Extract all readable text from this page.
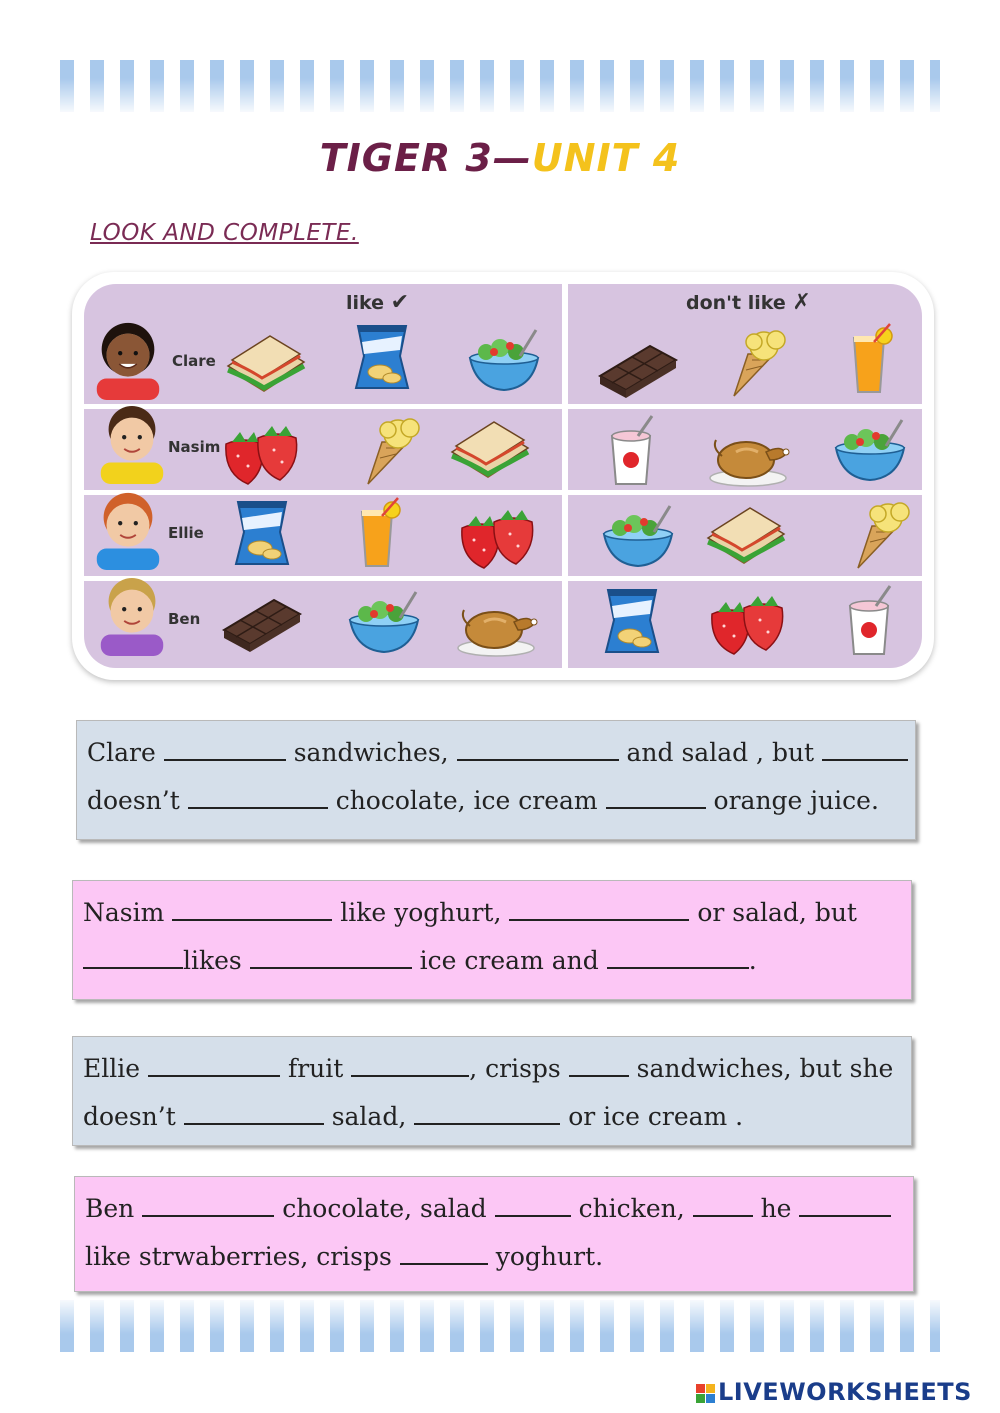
TIGER 3—UNIT 4
LOOK AND COMPLETE.
like ✔	don't like ✗
Clare
Nasim
Ellie
Ben
Clare	sandwiches,	and salad , but
doesn’t	chocolate, ice cream	orange juice.
Nasim	like yoghurt,	or salad, but
likes	ice cream and	.
Ellie	fruit	, crisps	sandwiches, but she
doesn’t	salad,	or ice cream .
Ben	chocolate, salad	chicken,	he
like strwaberries, crisps	yoghurt.
LIVEWORKSHEETS
